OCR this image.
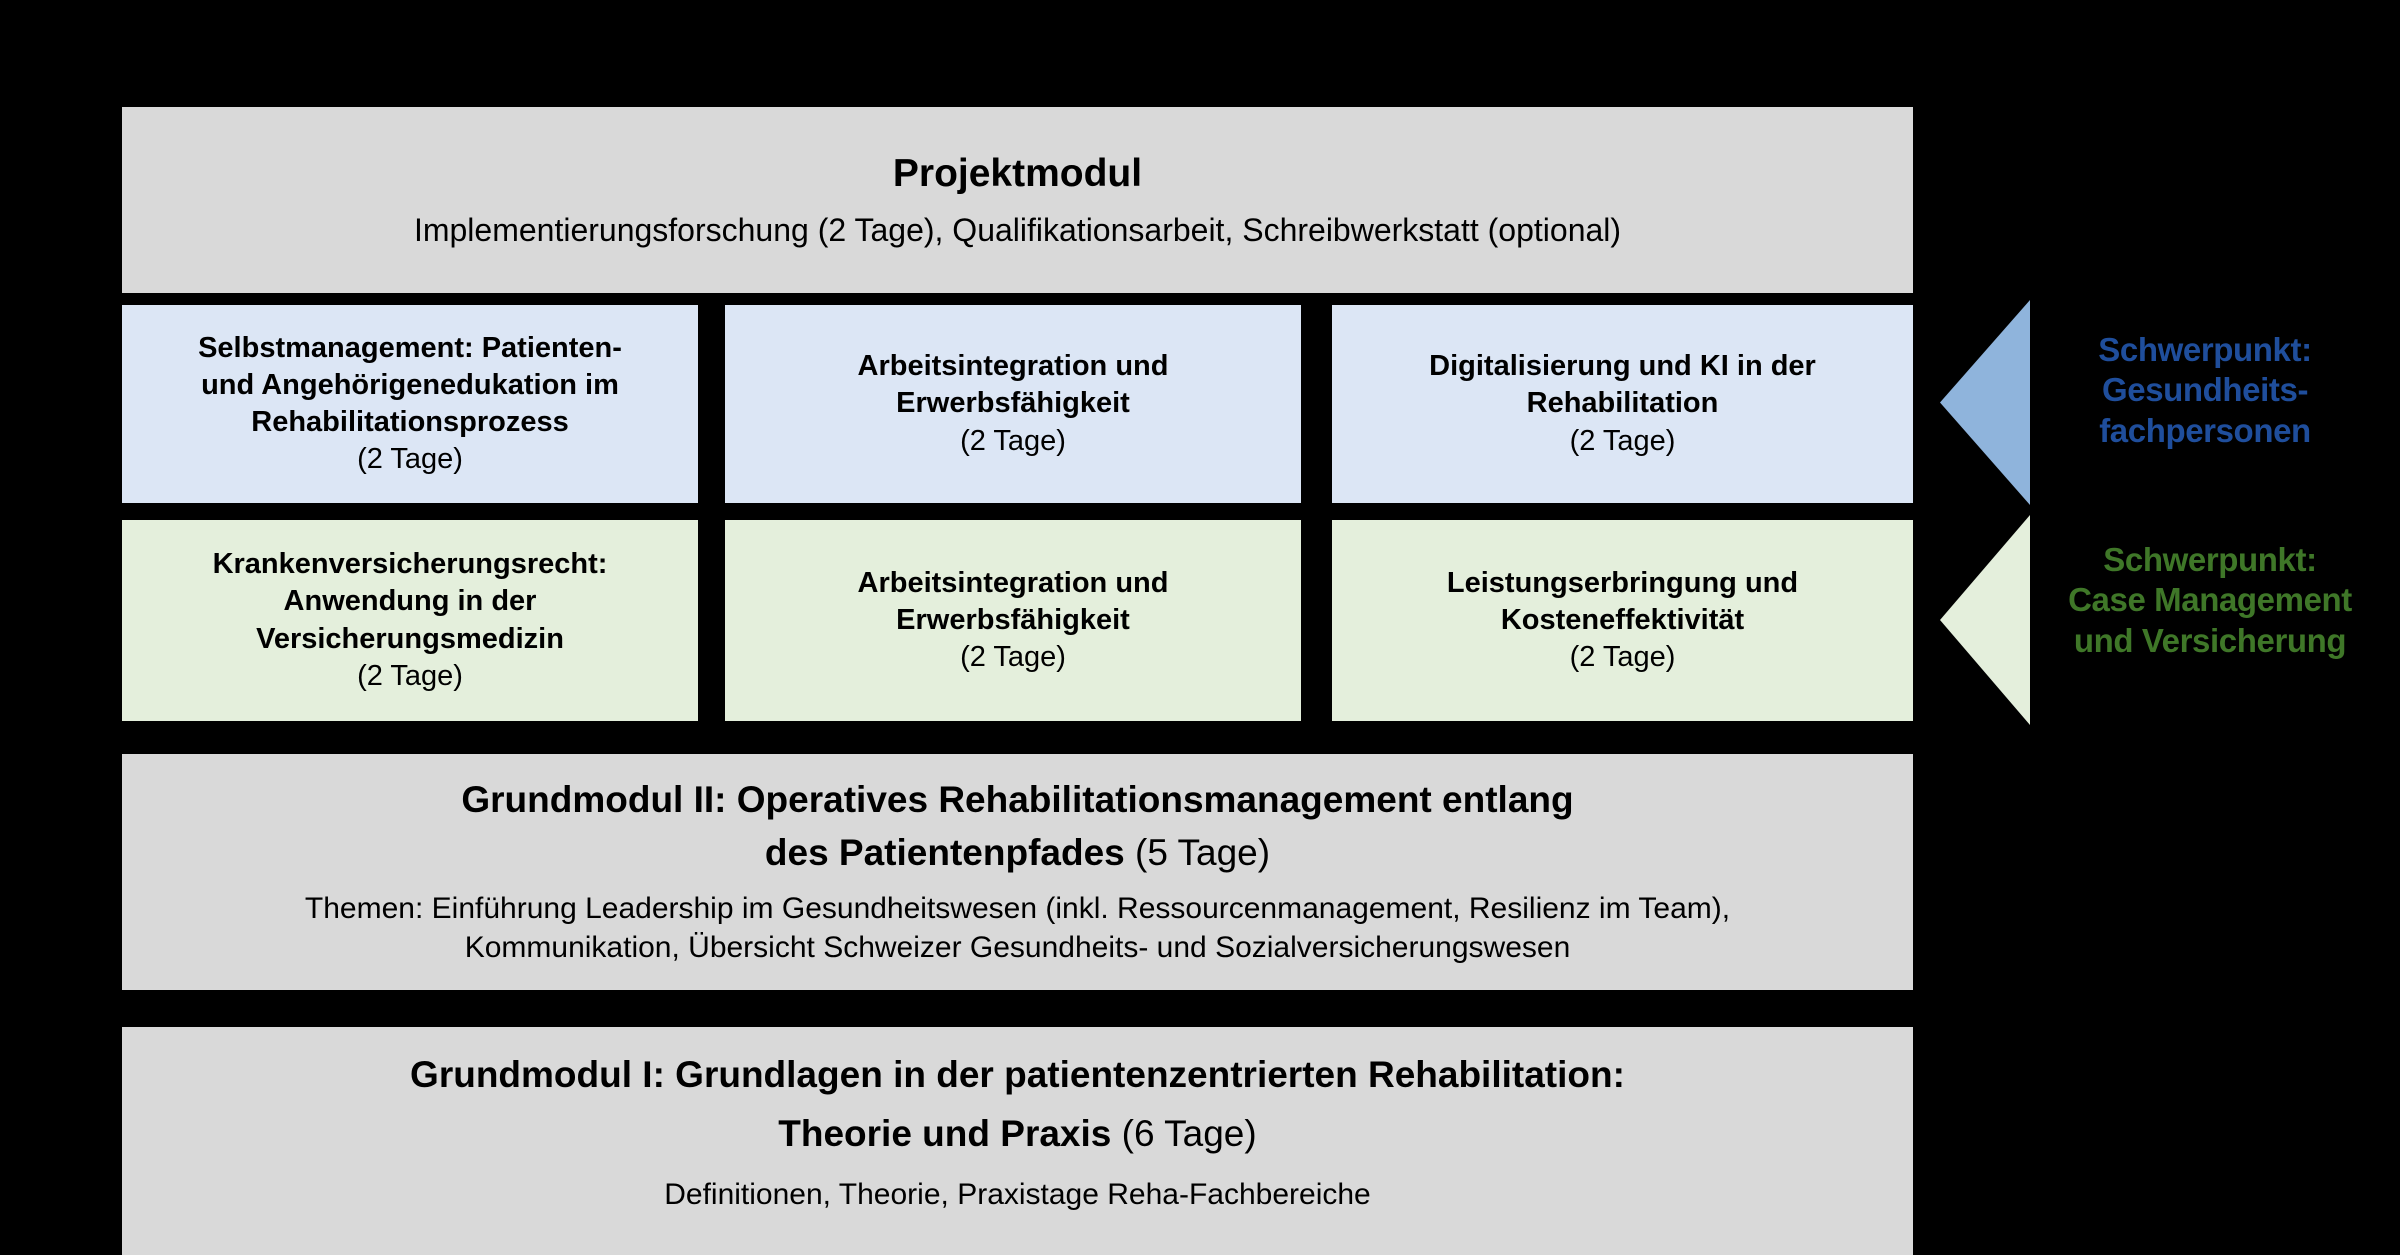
Projektmodul
Implementierungsforschung (2 Tage), Qualifikationsarbeit, Schreibwerkstatt (optional)
Selbstmanagement: Patienten-
und Angehörigenedukation im
Rehabilitationsprozess
(2 Tage)
Arbeitsintegration und
Erwerbsfähigkeit
(2 Tage)
Digitalisierung und KI in der
Rehabilitation
(2 Tage)
Krankenversicherungsrecht:
Anwendung in der
Versicherungsmedizin
(2 Tage)
Arbeitsintegration und
Erwerbsfähigkeit
(2 Tage)
Leistungserbringung und
Kosteneffektivität
(2 Tage)
Schwerpunkt:
Gesundheits-
fachpersonen
Schwerpunkt:
Case Management
und Versicherung
Grundmodul II: Operatives Rehabilitationsmanagement entlang
des Patientenpfades (5 Tage)
Themen: Einführung Leadership im Gesundheitswesen (inkl. Ressourcenmanagement, Resilienz im Team),
Kommunikation, Übersicht Schweizer Gesundheits- und Sozialversicherungswesen
Grundmodul I: Grundlagen in der patientenzentrierten Rehabilitation:
Theorie und Praxis (6 Tage)
Definitionen, Theorie, Praxistage Reha-Fachbereiche
